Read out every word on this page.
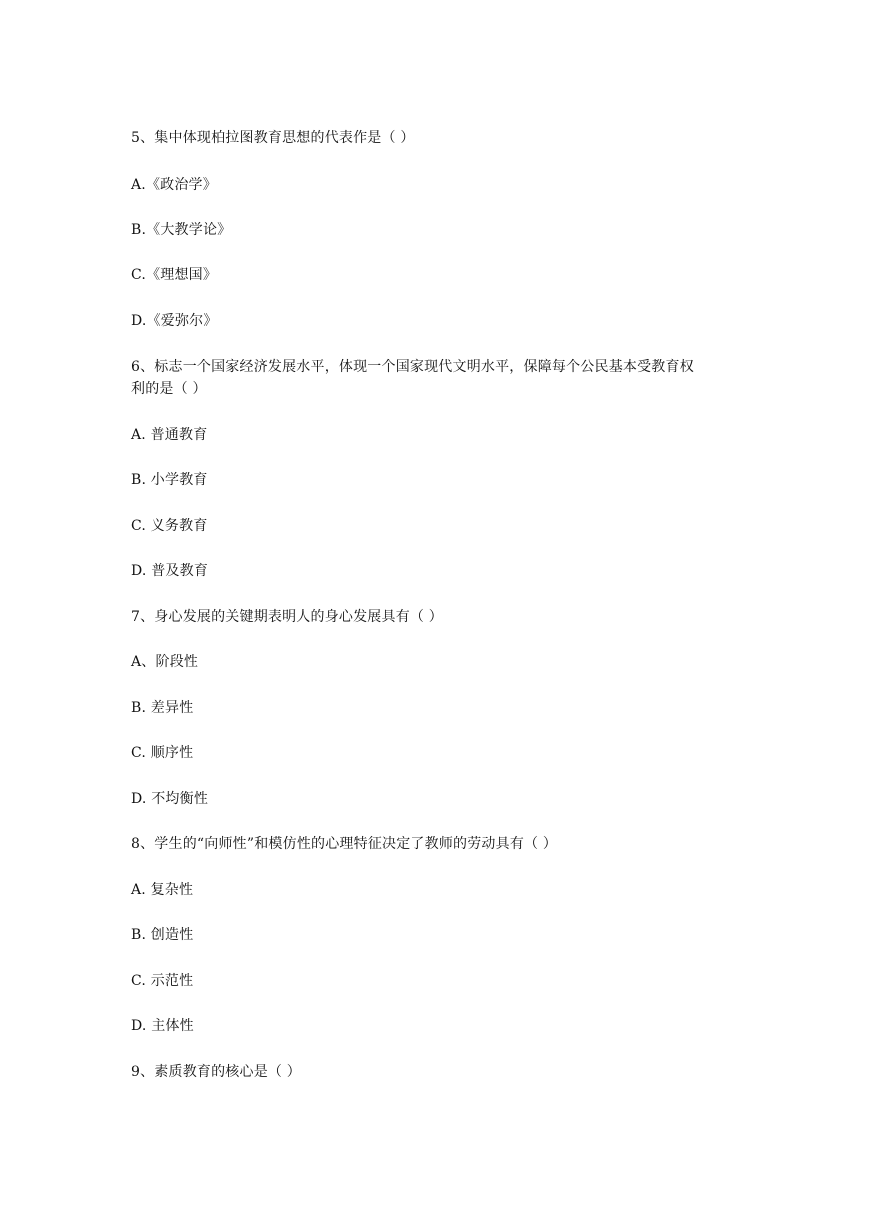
5、集中体现柏拉图教育思想的代表作是（ ）
A.《政治学》
B.《大教学论》
C.《理想国》
D.《爱弥尔》
6、标志一个国家经济发展水平，体现一个国家现代文明水平，保障每个公民基本受教育权
利的是（ ）
A. 普通教育
B. 小学教育
C. 义务教育
D. 普及教育
7、身心发展的关键期表明人的身心发展具有（ ）
A、阶段性
B. 差异性
C. 顺序性
D. 不均衡性
8、学生的“向师性”和模仿性的心理特征决定了教师的劳动具有（ ）
A. 复杂性
B. 创造性
C. 示范性
D. 主体性
9、素质教育的核心是（ ）
